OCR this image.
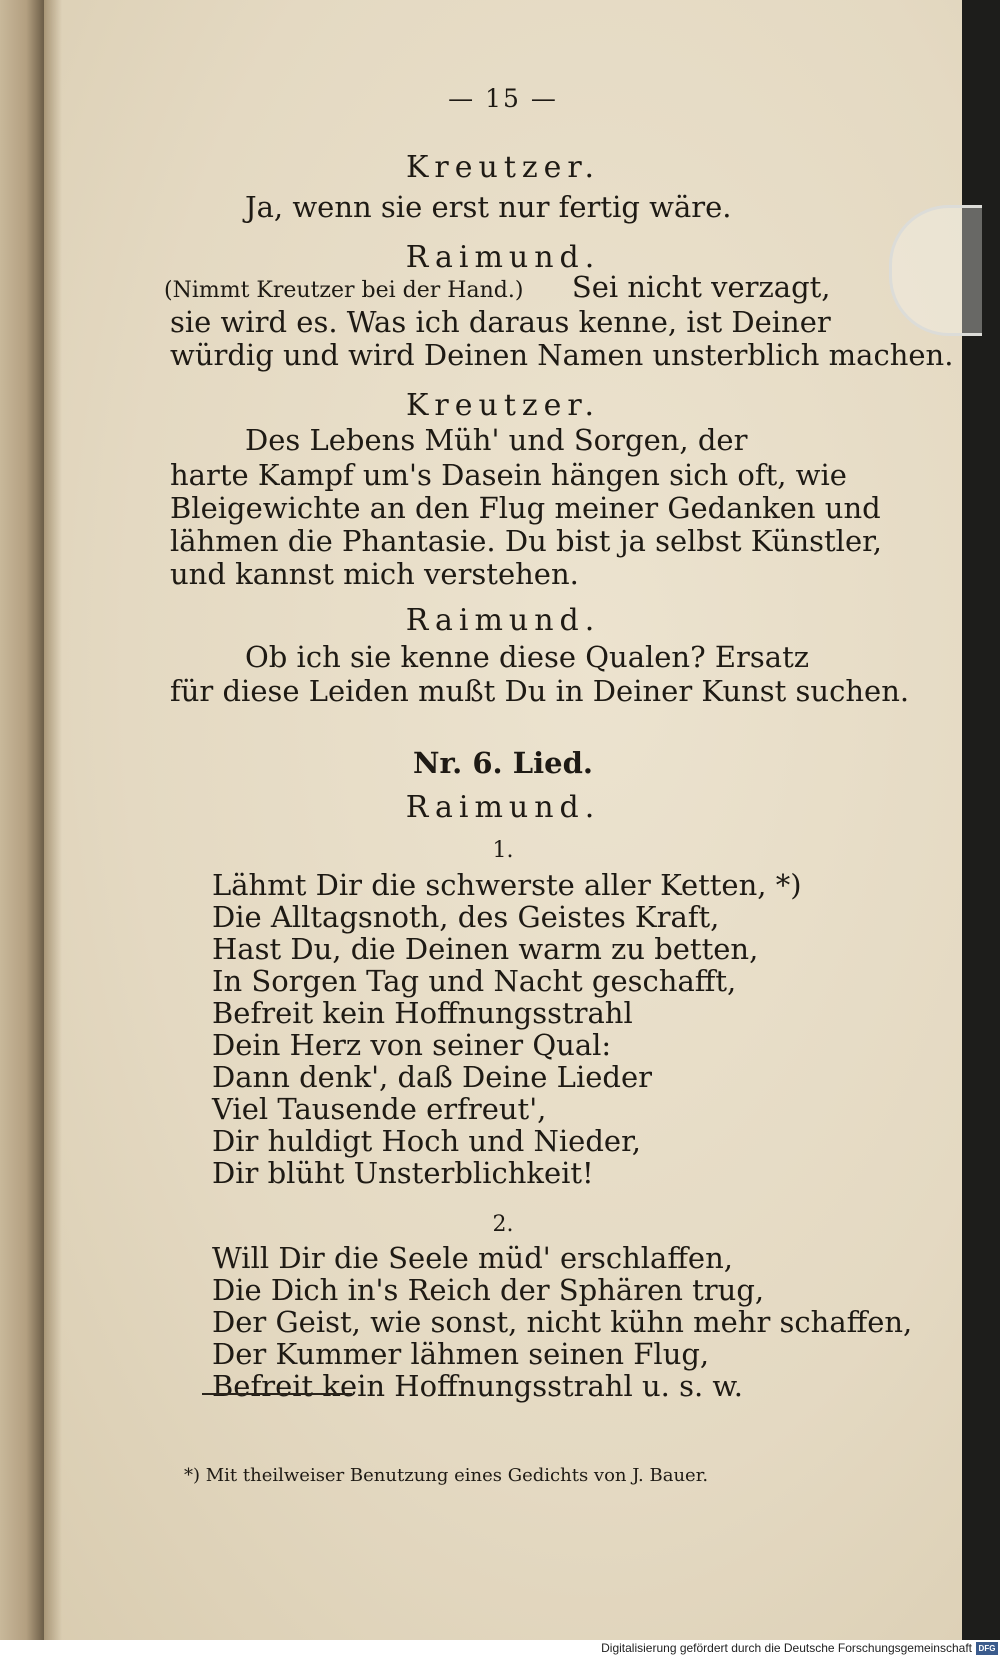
— 15 —
(Nimmt Kreutzer bei der Hand.) Sei nicht verzagt,
Kreutzer.
Ja, wenn sie erst nur fertig wäre.
Raimund.
sie wird es. Was ich daraus kenne, ist Deiner
würdig und wird Deinen Namen unsterblich machen.
Kreutzer.
Des Lebens Müh' und Sorgen, der
harte Kampf um's Dasein hängen sich oft, wie
Bleigewichte an den Flug meiner Gedanken und
lähmen die Phantasie. Du bist ja selbst Künstler,
und kannst mich verstehen.
Raimund.
Ob ich sie kenne diese Qualen? Ersatz
für diese Leiden mußt Du in Deiner Kunst suchen.
Nr. 6. Lied.
Raimund.
1.
Lähmt Dir die schwerste aller Ketten, *)
Die Alltagsnoth, des Geistes Kraft,
Hast Du, die Deinen warm zu betten,
In Sorgen Tag und Nacht geschafft,
Befreit kein Hoffnungsstrahl
Dein Herz von seiner Qual:
Dann denk', daß Deine Lieder
Viel Tausende erfreut',
Dir huldigt Hoch und Nieder,
Dir blüht Unsterblichkeit!
2.
Will Dir die Seele müd' erschlaffen,
Die Dich in's Reich der Sphären trug,
Der Geist, wie sonst, nicht kühn mehr schaffen,
Der Kummer lähmen seinen Flug,
Befreit kein Hoffnungsstrahl u. s. w.
*) Mit theilweiser Benutzung eines Gedichts von J. Bauer.
Digitalisierung gefördert durch die Deutsche Forschungsgemeinschaft DFG
